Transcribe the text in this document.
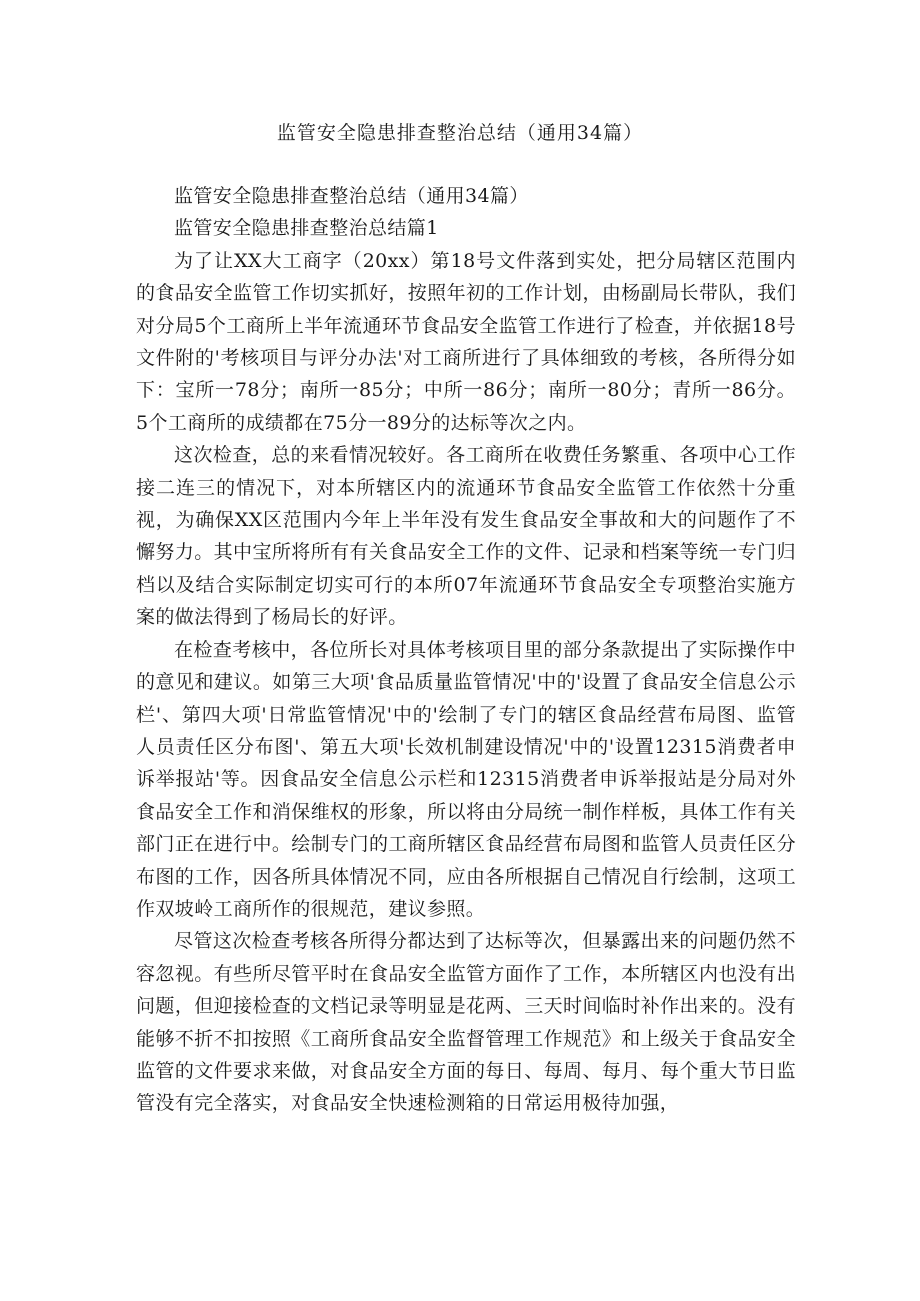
监管安全隐患排查整治总结（通用34篇）

监管安全隐患排查整治总结（通用34篇）

监管安全隐患排查整治总结篇1

为了让XX大工商字（20xx）第18号文件落到实处，把分局辖区范围内的食品安全监管工作切实抓好，按照年初的工作计划，由杨副局长带队，我们对分局5个工商所上半年流通环节食品安全监管工作进行了检查，并依据18号文件附的'考核项目与评分办法'对工商所进行了具体细致的考核，各所得分如下：宝所一78分；南所一85分；中所一86分；南所一80分；青所一86分。5个工商所的成绩都在75分一89分的达标等次之内。

这次检查，总的来看情况较好。各工商所在收费任务繁重、各项中心工作接二连三的情况下，对本所辖区内的流通环节食品安全监管工作依然十分重视，为确保XX区范围内今年上半年没有发生食品安全事故和大的问题作了不懈努力。其中宝所将所有有关食品安全工作的文件、记录和档案等统一专门归档以及结合实际制定切实可行的本所07年流通环节食品安全专项整治实施方案的做法得到了杨局长的好评。

在检查考核中，各位所长对具体考核项目里的部分条款提出了实际操作中的意见和建议。如第三大项'食品质量监管情况'中的'设置了食品安全信息公示栏'、第四大项'日常监管情况'中的'绘制了专门的辖区食品经营布局图、监管人员责任区分布图'、第五大项'长效机制建设情况'中的'设置12315消费者申诉举报站'等。因食品安全信息公示栏和12315消费者申诉举报站是分局对外食品安全工作和消保维权的形象，所以将由分局统一制作样板，具体工作有关部门正在进行中。绘制专门的工商所辖区食品经营布局图和监管人员责任区分布图的工作，因各所具体情况不同，应由各所根据自己情况自行绘制，这项工作双坡岭工商所作的很规范，建议参照。

尽管这次检查考核各所得分都达到了达标等次，但暴露出来的问题仍然不容忽视。有些所尽管平时在食品安全监管方面作了工作，本所辖区内也没有出问题，但迎接检查的文档记录等明显是花两、三天时间临时补作出来的。没有能够不折不扣按照《工商所食品安全监督管理工作规范》和上级关于食品安全监管的文件要求来做，对食品安全方面的每日、每周、每月、每个重大节日监管没有完全落实，对食品安全快速检测箱的日常运用极待加强，
